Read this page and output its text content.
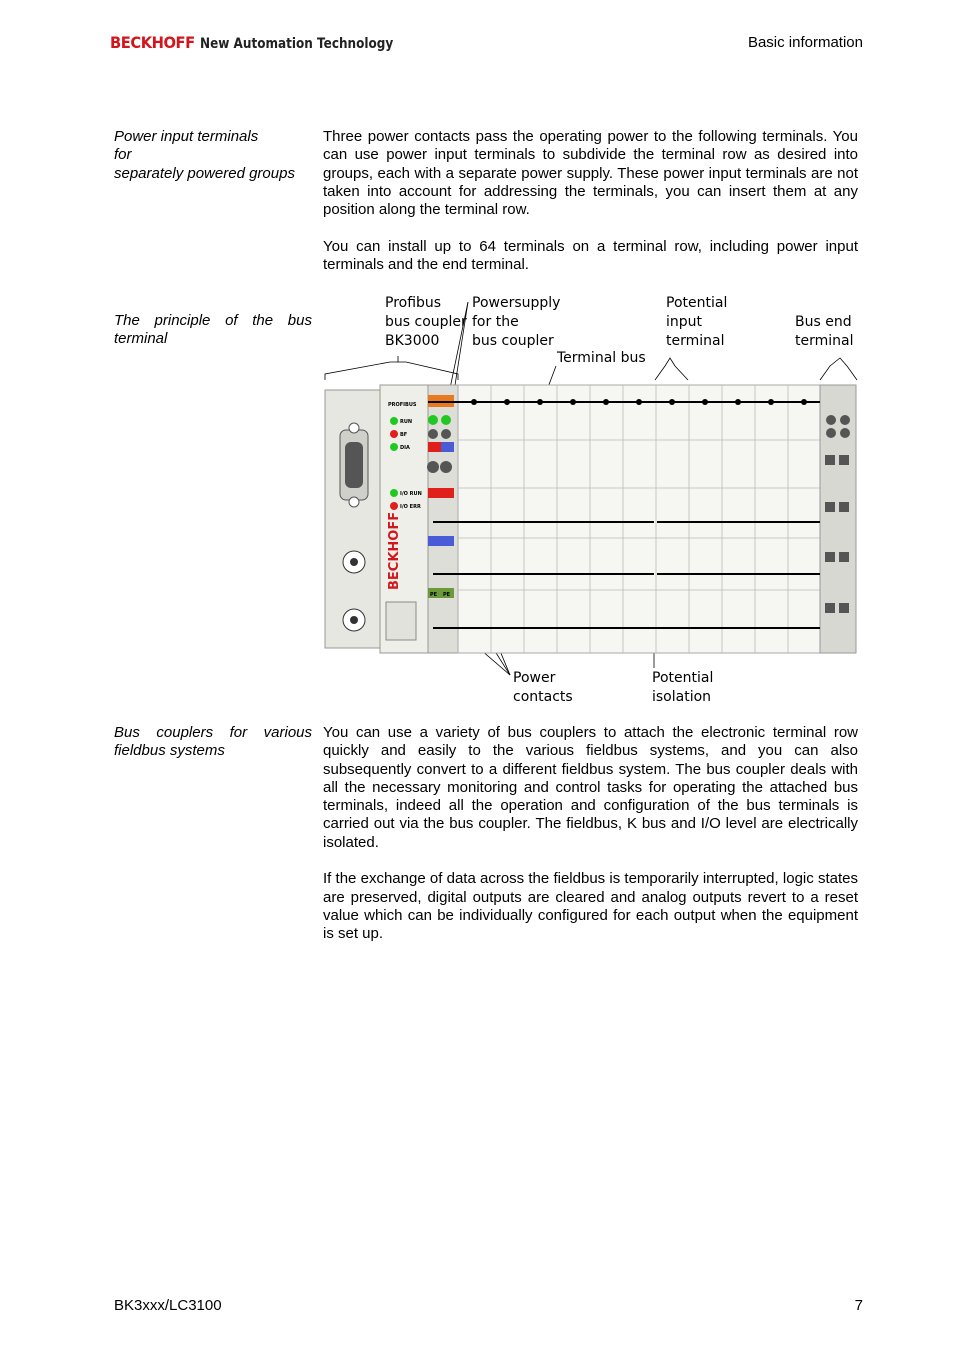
BECKHOFF New Automation Technology	Basic information
Power input terminals
for
separately powered groups

Three power contacts pass the operating power to the following terminals. You can use power input terminals to subdivide the terminal row as desired into groups, each with a separate power supply. These power input terminals are not taken into account for addressing the terminals, you can insert them at any position along the terminal row.

You can install up to 64 terminals on a terminal row, including power input terminals and the end terminal.

The principle of the bus terminal
Profibus bus coupler BK3000
Powersupply for the bus coupler
Terminal bus
Potential input terminal
Bus end terminal
Power contacts
Potential isolation
PROFIBUS
RUN
BF
DIA
I/O RUN
I/O ERR
BECKHOFF
PE PE
Bus couplers for various fieldbus systems

You can use a variety of bus couplers to attach the electronic terminal row quickly and easily to the various fieldbus systems, and you can also subsequently convert to a different fieldbus system. The bus coupler deals with all the necessary monitoring and control tasks for operating the attached bus terminals, indeed all the operation and configuration of the bus terminals is carried out via the bus coupler. The fieldbus, K bus and I/O level are electrically isolated.

If the exchange of data across the fieldbus is temporarily interrupted, logic states are preserved, digital outputs are cleared and analog outputs revert to a reset value which can be individually configured for each output when the equipment is set up.

BK3xxx/LC3100	7
